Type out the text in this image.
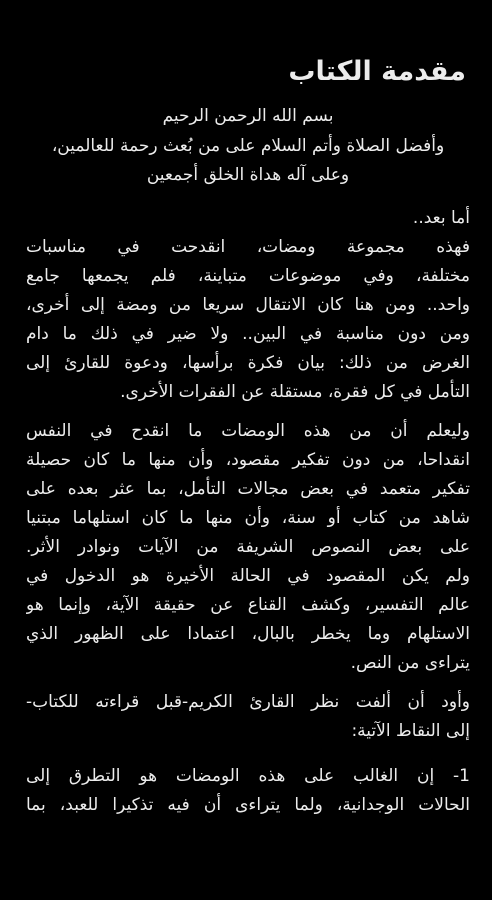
مقدمة الكتاب
بسم الله الرحمن الرحيم
وأفضل الصلاة وأتم السلام على من بُعث رحمة للعالمين،
وعلى آله هداة الخلق أجمعين
أما بعد..
فهذه مجموعة ومضات، انقدحت في مناسبات
مختلفة، وفي موضوعات متباينة، فلم يجمعها جامع
واحد.. ومن هنا كان الانتقال سريعا من ومضة إلى أخرى،
ومن دون مناسبة في البين.. ولا ضير في ذلك ما دام
الغرض من ذلك: بيان فكرة برأسها، ودعوة للقارئ إلى
التأمل في كل فقرة، مستقلة عن الفقرات الأخرى.
وليعلم أن من هذه الومضات ما انقدح في النفس
انقداحا، من دون تفكير مقصود، وأن منها ما كان حصيلة
تفكير متعمد في بعض مجالات التأمل، بما عثر بعده على
شاهد من كتاب أو سنة، وأن منها ما كان استلهاما مبتنيا
على بعض النصوص الشريفة من الآيات ونوادر الأثر.
ولم يكن المقصود في الحالة الأخيرة هو الدخول في
عالم التفسير، وكشف القناع عن حقيقة الآية، وإنما هو
الاستلهام وما يخطر بالبال، اعتمادا على الظهور الذي
يتراءى من النص.
وأود أن ألفت نظر القارئ الكريم-قبل قراءته للكتاب-
إلى النقاط الآتية:
1- إن الغالب على هذه الومضات هو التطرق إلى
الحالات الوجدانية، ولما يتراءى أن فيه تذكيرا للعبد، بما
